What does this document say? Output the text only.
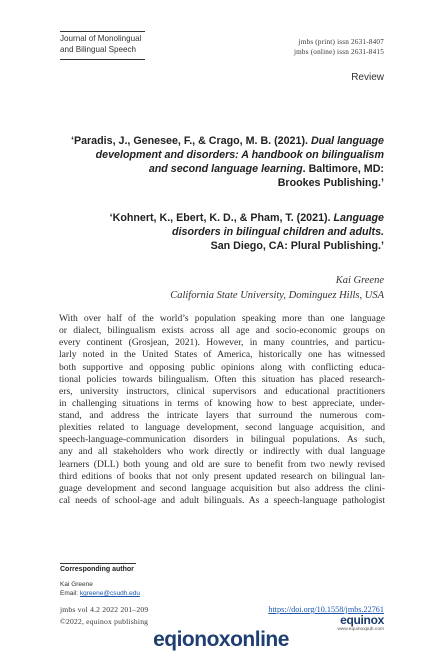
Journal of Monolingual
and Bilingual Speech
jmbs (print) issn 2631-8407
jmbs (online) issn 2631-8415
Review
‘Paradis, J., Genesee, F., & Crago, M. B. (2021). Dual language
development and disorders: A handbook on bilingualism
and second language learning. Baltimore, MD:
Brookes Publishing.’
‘Kohnert, K., Ebert, K. D., & Pham, T. (2021). Language
disorders in bilingual children and adults.
San Diego, CA: Plural Publishing.’
Kai Greene
California State University, Dominguez Hills, USA
With over half of the world’s population speaking more than one language
or dialect, bilingualism exists across all age and socio-economic groups on
every continent (Grosjean, 2021). However, in many countries, and particu-
larly noted in the United States of America, historically one has witnessed
both supportive and opposing public opinions along with conflicting educa-
tional policies towards bilingualism. Often this situation has placed research-
ers, university instructors, clinical supervisors and educational practitioners
in challenging situations in terms of knowing how to best appreciate, under-
stand, and address the intricate layers that surround the numerous com-
plexities related to language development, second language acquisition, and
speech-language-communication disorders in bilingual populations. As such,
any and all stakeholders who work directly or indirectly with dual language
learners (DLL) both young and old are sure to benefit from two newly revised
third editions of books that not only present updated research on bilingual lan-
guage development and second language acquisition but also address the clini-
cal needs of school-age and adult bilinguals. As a speech-language pathologist
Corresponding author
Kai Greene
Email: kgreene@csudh.edu
jmbs vol 4.2 2022 201–209
©2022, equinox publishing
https://doi.org/10.1558/jmbs.22761
equinox
www.equinoxpub.com
eqionoxonline
